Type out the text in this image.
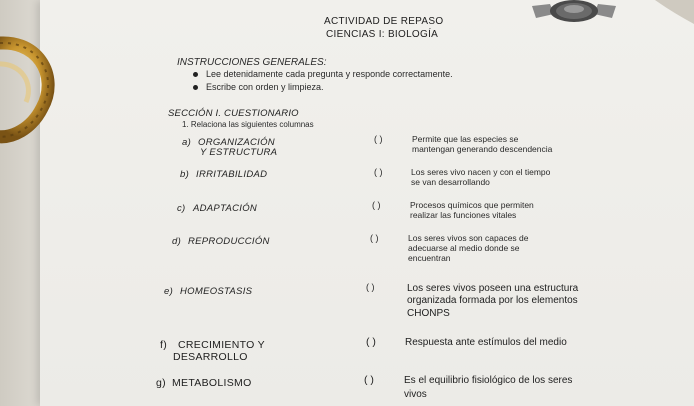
ACTIVIDAD DE REPASO
CIENCIAS I: BIOLOGÍA
INSTRUCCIONES GENERALES:
Lee detenidamente cada pregunta y responde correctamente.
Escribe con orden y limpieza.
SECCIÓN I. CUESTIONARIO
1. Relaciona las siguientes columnas
a) ORGANIZACIÓN
Y ESTRUCTURA
( )	Permite que las especies se
mantengan generando descendencia
b) IRRITABILIDAD	( )	Los seres vivo nacen y con el tiempo
se van desarrollando
c) ADAPTACIÓN	( )	Procesos químicos que permiten
realizar las funciones vitales
d) REPRODUCCIÓN	( )	Los seres vivos son capaces de
adecuarse al medio donde se
encuentran
e) HOMEOSTASIS	( )	Los seres vivos poseen una estructura
organizada formada por los elementos
CHONPS
f) CRECIMIENTO Y
DESARROLLO
( )	Respuesta ante estímulos del medio
g) METABOLISMO	( )	Es el equilibrio fisiológico de los seres
vivos
